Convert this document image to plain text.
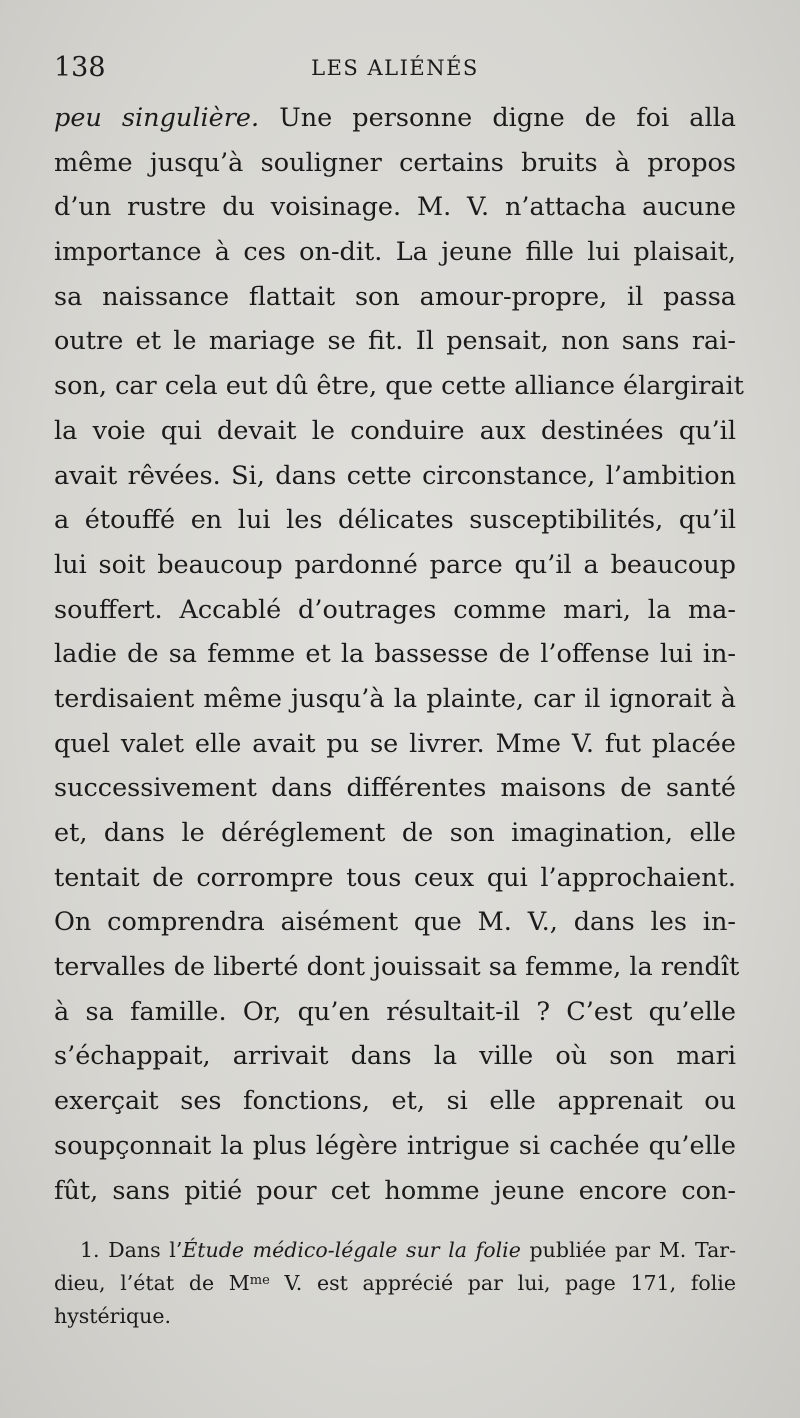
138	LES ALIÉNÉS
peu singulière. Une personne digne de foi alla
même jusqu’à souligner certains bruits à propos
d’un rustre du voisinage. M. V. n’attacha aucune
importance à ces on-dit. La jeune fille lui plaisait,
sa naissance flattait son amour-propre, il passa
outre et le mariage se fit. Il pensait, non sans rai-
son, car cela eut dû être, que cette alliance élargirait
la voie qui devait le conduire aux destinées qu’il
avait rêvées. Si, dans cette circonstance, l’ambition
a étouffé en lui les délicates susceptibilités, qu’il
lui soit beaucoup pardonné parce qu’il a beaucoup
souffert. Accablé d’outrages comme mari, la ma-
ladie de sa femme et la bassesse de l’offense lui in-
terdisaient même jusqu’à la plainte, car il ignorait à
quel valet elle avait pu se livrer. Mme V. fut placée
successivement dans différentes maisons de santé
et, dans le déréglement de son imagination, elle
tentait de corrompre tous ceux qui l’approchaient.
On comprendra aisément que M. V., dans les in-
tervalles de liberté dont jouissait sa femme, la rendît
à sa famille. Or, qu’en résultait-il ? C’est qu’elle
s’échappait, arrivait dans la ville où son mari
exerçait ses fonctions, et, si elle apprenait ou
soupçonnait la plus légère intrigue si cachée qu’elle
fût, sans pitié pour cet homme jeune encore con-
1. Dans l’Étude médico-légale sur la folie publiée par M. Tar-
dieu, l’état de $M^{me}$ V. est apprécié par lui, page 171, folie
hystérique.
